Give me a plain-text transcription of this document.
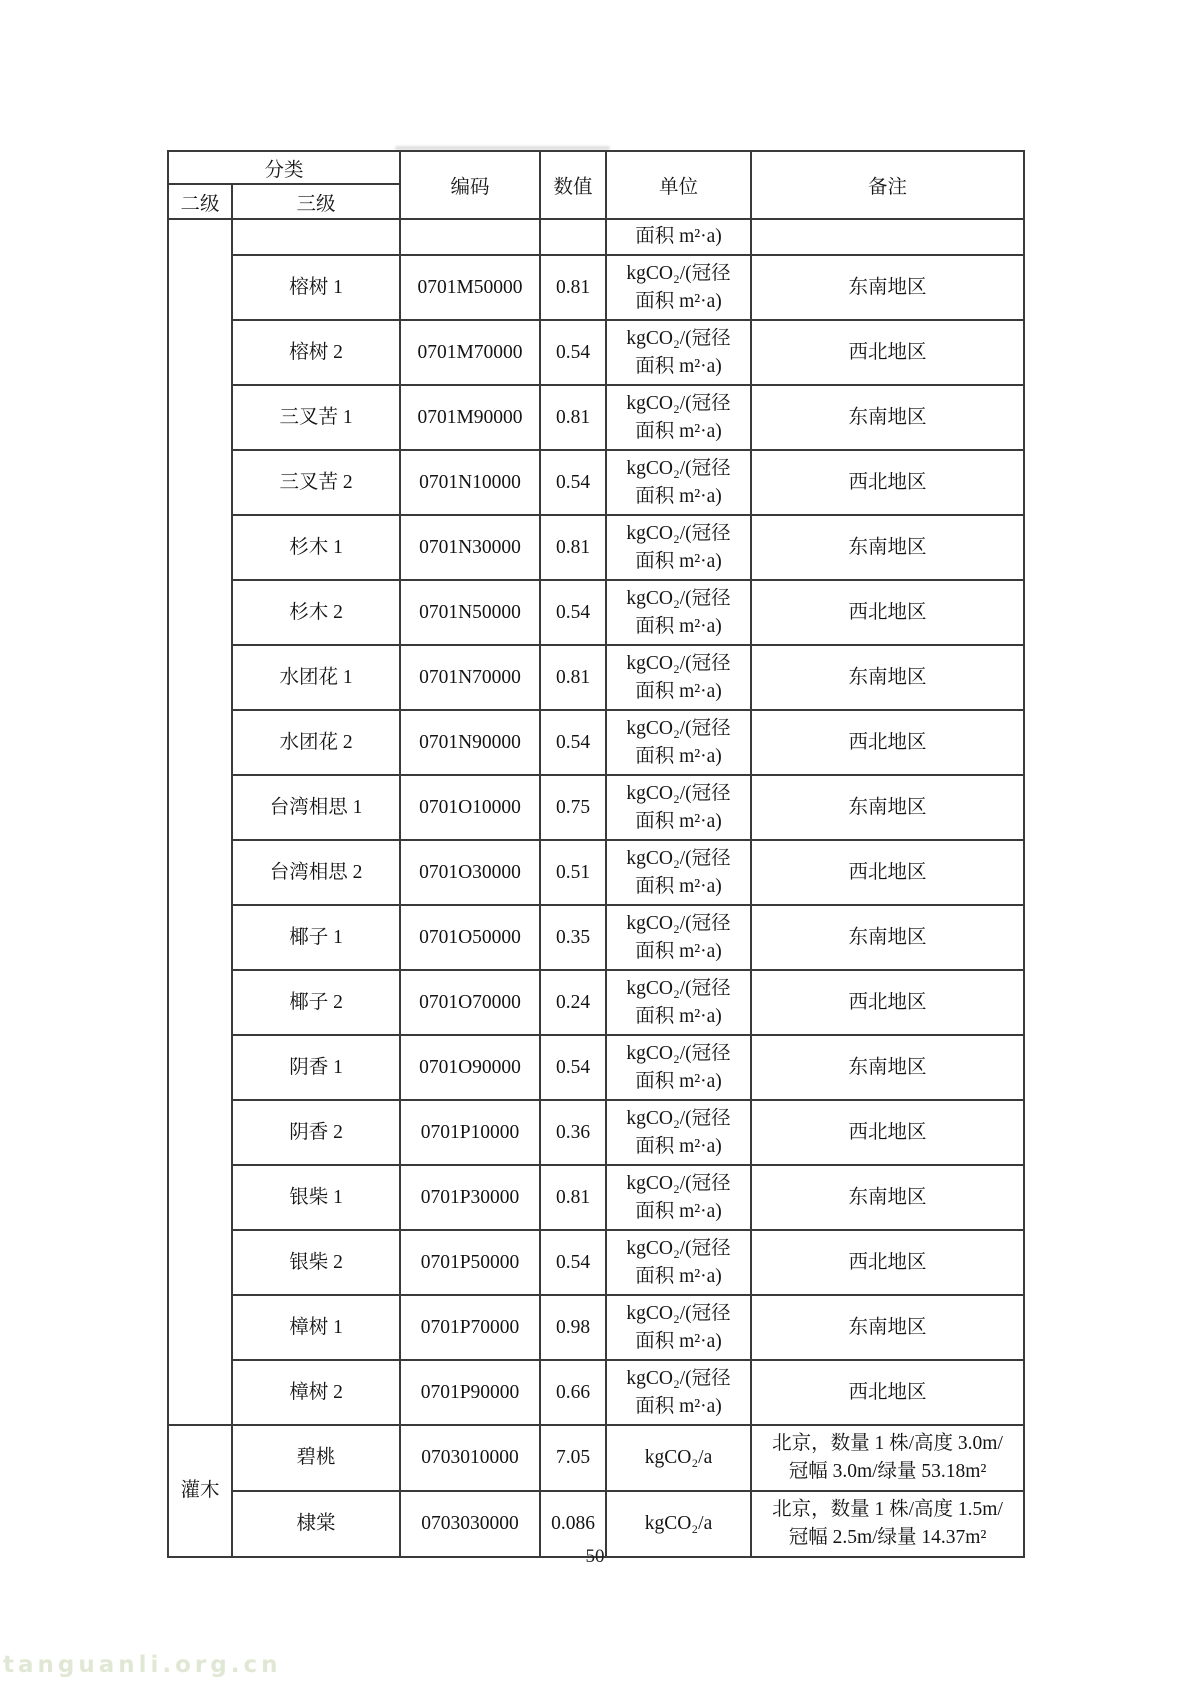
分类		编码	数值	单位	备注
二级	三级				

				面积 m²·a)	

	榕树 1	0701M50000	0.81	kgCO₂/(冠径
面积 m²·a)	东南地区

	榕树 2	0701M70000	0.54	kgCO₂/(冠径
面积 m²·a)	西北地区

	三叉苦 1	0701M90000	0.81	kgCO₂/(冠径
面积 m²·a)	东南地区

	三叉苦 2	0701N10000	0.54	kgCO₂/(冠径
面积 m²·a)	西北地区

	杉木 1	0701N30000	0.81	kgCO₂/(冠径
面积 m²·a)	东南地区

	杉木 2	0701N50000	0.54	kgCO₂/(冠径
面积 m²·a)	西北地区

	水团花 1	0701N70000	0.81	kgCO₂/(冠径
面积 m²·a)	东南地区

	水团花 2	0701N90000	0.54	kgCO₂/(冠径
面积 m²·a)	西北地区

	台湾相思 1	0701O10000	0.75	kgCO₂/(冠径
面积 m²·a)	东南地区

	台湾相思 2	0701O30000	0.51	kgCO₂/(冠径
面积 m²·a)	西北地区

	椰子 1	0701O50000	0.35	kgCO₂/(冠径
面积 m²·a)	东南地区

	椰子 2	0701O70000	0.24	kgCO₂/(冠径
面积 m²·a)	西北地区

	阴香 1	0701O90000	0.54	kgCO₂/(冠径
面积 m²·a)	东南地区

	阴香 2	0701P10000	0.36	kgCO₂/(冠径
面积 m²·a)	西北地区

	银柴 1	0701P30000	0.81	kgCO₂/(冠径
面积 m²·a)	东南地区

	银柴 2	0701P50000	0.54	kgCO₂/(冠径
面积 m²·a)	西北地区

	樟树 1	0701P70000	0.98	kgCO₂/(冠径
面积 m²·a)	东南地区

	樟树 2	0701P90000	0.66	kgCO₂/(冠径
面积 m²·a)	西北地区

灌木	碧桃	0703010000	7.05	kgCO₂/a	北京，数量 1 株/高度 3.0m/
冠幅 3.0m/绿量 53.18m²

	棣棠	0703030000	0.086	kgCO₂/a	北京，数量 1 株/高度 1.5m/
冠幅 2.5m/绿量 14.37m²
50
tanguanli.org.cn
